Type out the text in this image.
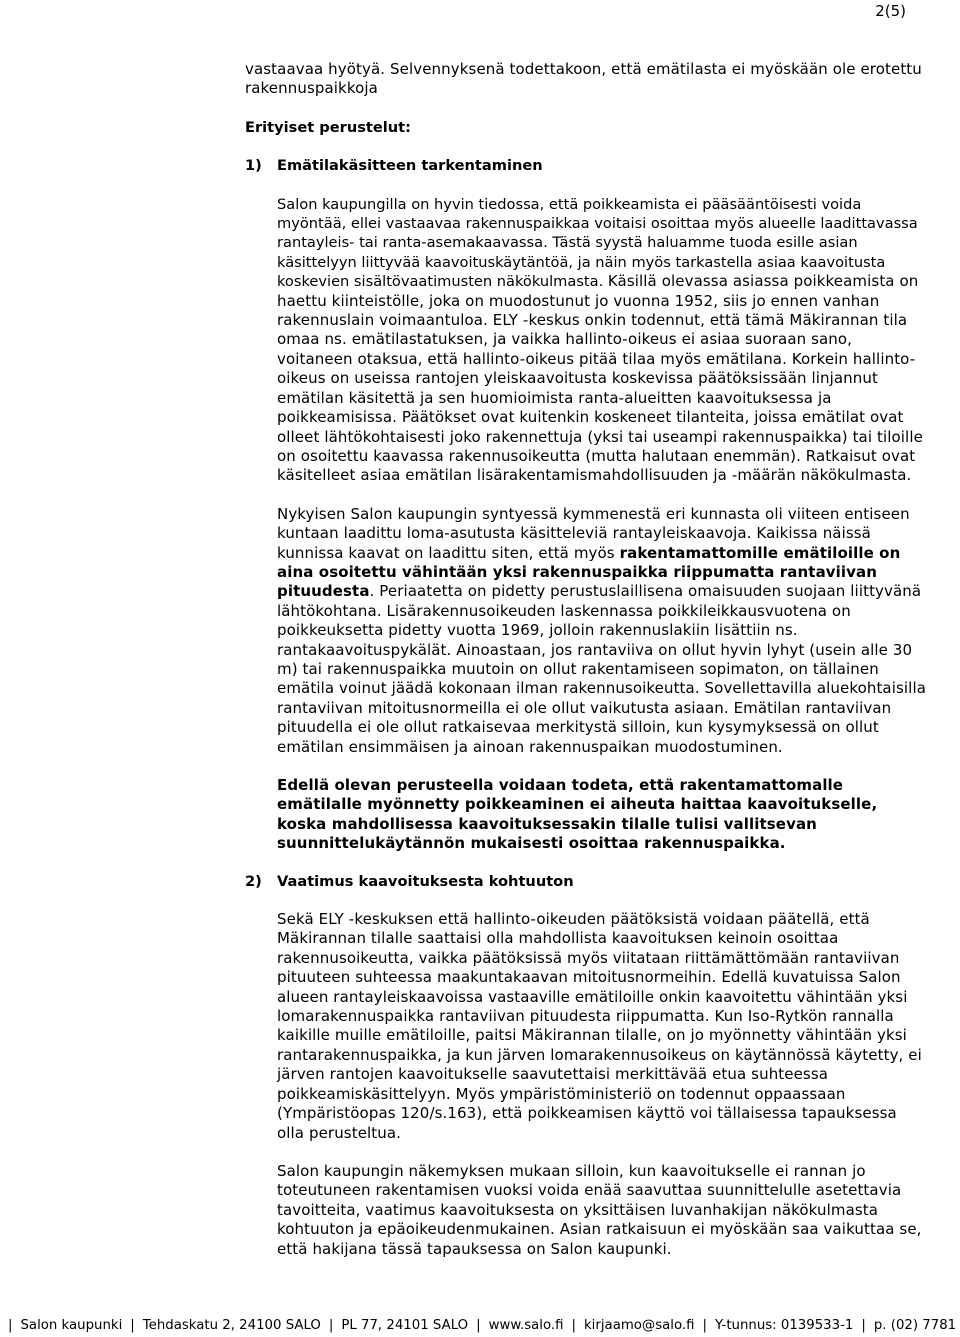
2(5)

vastaavaa hyötyä. Selvennyksenä todettakoon, että emätilasta ei myöskään ole erotettu rakennuspaikkoja

Erityiset perustelut:

1)	Emätilakäsitteen tarkentaminen

Salon kaupungilla on hyvin tiedossa, että poikkeamista ei pääsääntöisesti voida myöntää, ellei vastaavaa rakennuspaikkaa voitaisi osoittaa myös alueelle laadittavassa rantayleis- tai ranta-asemakaavassa. Tästä syystä haluamme tuoda esille asian käsittelyyn liittyvää kaavoituskäytäntöä, ja näin myös tarkastella asiaa kaavoitusta koskevien sisältövaatimusten näkökulmasta.

Käsillä olevassa asiassa poikkeamista on haettu kiinteistölle, joka on muodostunut jo vuonna 1952, siis jo ennen vanhan rakennuslain voimaantuloa. ELY -keskus onkin todennut, että tämä Mäkirannan tila omaa ns. emätilastatuksen, ja vaikka hallinto-oikeus ei asiaa suoraan sano, voitaneen otaksua, että hallinto-oikeus pitää tilaa myös emätilana. Korkein hallinto-oikeus on useissa rantojen yleiskaavoitusta koskevissa päätöksissään linjannut emätilan käsitettä ja sen huomioimista ranta-alueitten kaavoituksessa ja poikkeamisissa. Päätökset ovat kuitenkin koskeneet tilanteita, joissa emätilat ovat olleet lähtökohtaisesti joko rakennettuja (yksi tai useampi rakennuspaikka) tai tiloille on osoitettu kaavassa rakennusoikeutta (mutta halutaan enemmän). Ratkaisut ovat käsitelleet asiaa emätilan lisärakentamismahdollisuuden ja -määrän näkökulmasta.

Nykyisen Salon kaupungin syntyessä kymmenestä eri kunnasta oli viiteen entiseen kuntaan laadittu loma-asutusta käsitteleviä rantayleiskaavoja. Kaikissa näissä kunnissa kaavat on laadittu siten, että myös rakentamattomille emätiloille on aina osoitettu vähintään yksi rakennuspaikka riippumatta rantaviivan pituudesta. Periaatetta on pidetty perustuslaillisena omaisuuden suojaan liittyvänä lähtökohtana. Lisärakennusoikeuden laskennassa poikkileikkausvuotena on poikkeuksetta pidetty vuotta 1969, jolloin rakennuslakiin lisättiin ns. rantakaavoituspykälät. Ainoastaan, jos rantaviiva on ollut hyvin lyhyt (usein alle 30 m) tai rakennuspaikka muutoin on ollut rakentamiseen sopimaton, on tällainen emätila voinut jäädä kokonaan ilman rakennusoikeutta. Sovellettavilla aluekohtaisilla rantaviivan mitoitusnormeilla ei ole ollut vaikutusta asiaan. Emätilan rantaviivan pituudella ei ole ollut ratkaisevaa merkitystä silloin, kun kysymyksessä on ollut emätilan ensimmäisen ja ainoan rakennuspaikan muodostuminen.

Edellä olevan perusteella voidaan todeta, että rakentamattomalle emätilalle myönnetty poikkeaminen ei aiheuta haittaa kaavoitukselle, koska mahdollisessa kaavoituksessakin tilalle tulisi vallitsevan suunnittelukäytännön mukaisesti osoittaa rakennuspaikka.

2)	Vaatimus kaavoituksesta kohtuuton

Sekä ELY -keskuksen että hallinto-oikeuden päätöksistä voidaan päätellä, että Mäkirannan tilalle saattaisi olla mahdollista kaavoituksen keinoin osoittaa rakennusoikeutta, vaikka päätöksissä myös viitataan riittämättömään rantaviivan pituuteen suhteessa maakuntakaavan mitoitusnormeihin. Edellä kuvatuissa Salon alueen rantayleiskaavoissa vastaaville emätiloille onkin kaavoitettu vähintään yksi lomarakennuspaikka rantaviivan pituudesta riippumatta. Kun Iso-Rytkön rannalla kaikille muille emätiloille, paitsi Mäkirannan tilalle, on jo myönnetty vähintään yksi rantarakennuspaikka, ja kun järven lomarakennusoikeus on käytännössä käytetty, ei järven rantojen kaavoitukselle saavutettaisi merkittävää etua suhteessa poikkeamiskäsittelyyn. Myös ympäristöministeriö on todennut oppaassaan (Ympäristöopas 120/s.163), että poikkeamisen käyttö voi tällaisessa tapauksessa olla perusteltua.

Salon kaupungin näkemyksen mukaan silloin, kun kaavoitukselle ei rannan jo toteutuneen rakentamisen vuoksi voida enää saavuttaa suunnittelulle asetettavia tavoitteita, vaatimus kaavoituksesta on yksittäisen luvanhakijan näkökulmasta kohtuuton ja epäoikeudenmukainen. Asian ratkaisuun ei myöskään saa vaikuttaa se, että hakijana tässä tapauksessa on Salon kaupunki.

| Salon kaupunki | Tehdaskatu 2, 24100 SALO | PL 77, 24101 SALO | www.salo.fi | kirjaamo@salo.fi | Y-tunnus: 0139533-1 | p. (02) 7781
